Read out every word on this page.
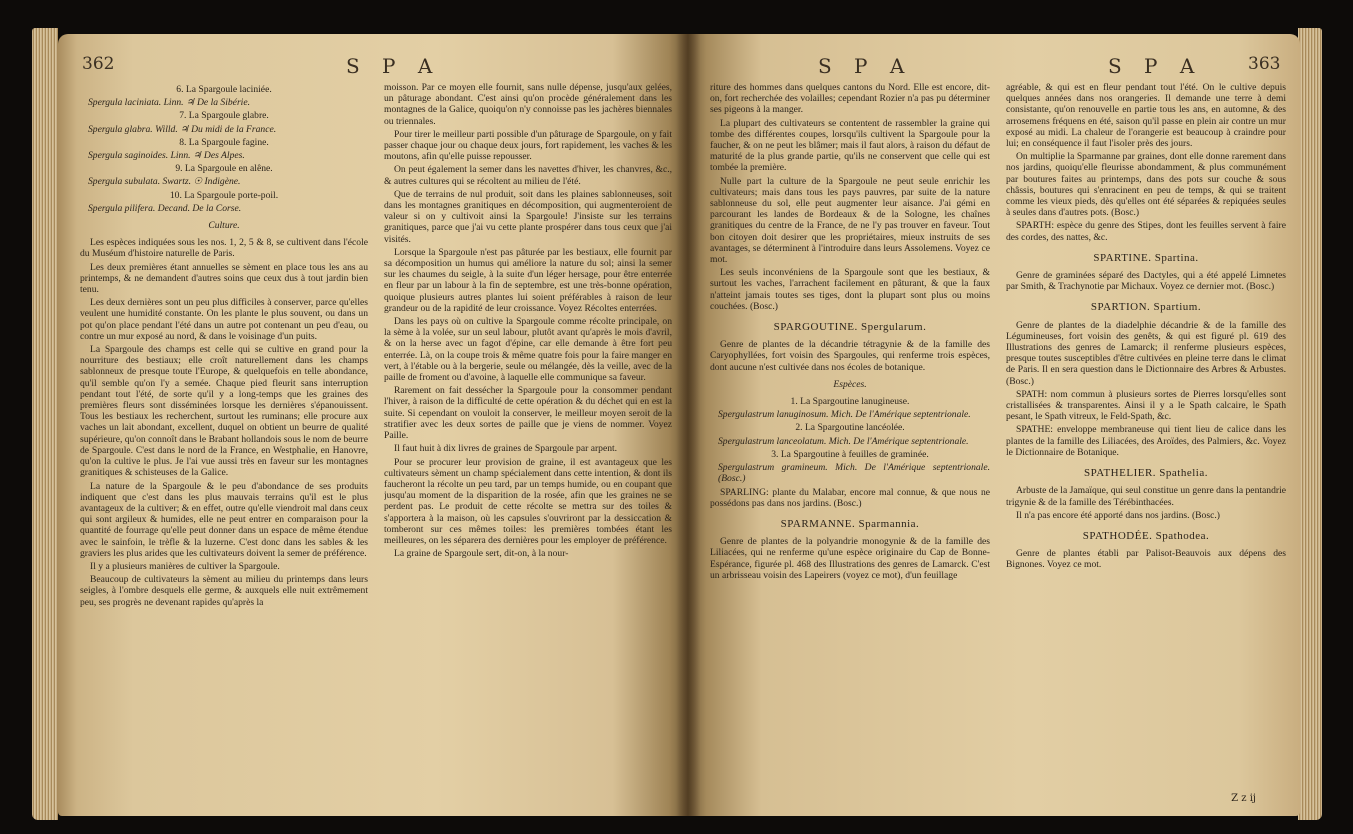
362	S P A

6. La Spargoule laciniée.

Spergula laciniata. Linn. ♃ De la Sibérie.

7. La Spargoule glabre.

Spergula glabra. Willd. ♃ Du midi de la France.

8. La Spargoule fagine.

Spergula saginoides. Linn. ♃ Des Alpes.

9. La Spargoule en alêne.

Spergula subulata. Swartz. ☉ Indigène.

10. La Spargoule porte-poil.

Spergula pilifera. Decand. De la Corse.

Culture.

Les espèces indiquées sous les nos. 1, 2, 5 & 8, se cultivent dans l'école du Muséum d'histoire naturelle de Paris.

Les deux premières étant annuelles se sèment en place tous les ans au printemps, & ne demandent d'autres soins que ceux dus à tout jardin bien tenu.

Les deux dernières sont un peu plus difficiles à conserver, parce qu'elles veulent une humidité constante. On les plante le plus souvent, ou dans un pot qu'on place pendant l'été dans un autre pot contenant un peu d'eau, ou contre un mur exposé au nord, & dans le voisinage d'un puits.

La Spargoule des champs est celle qui se cultive en grand pour la nourriture des bestiaux; elle croît naturellement dans les champs sablonneux de presque toute l'Europe, & quelquefois en telle abondance, qu'il semble qu'on l'y a semée. Chaque pied fleurit sans interruption pendant tout l'été, de sorte qu'il y a long-temps que les graines des premières fleurs sont disséminées lorsque les dernières s'épanouissent. Tous les bestiaux les recherchent, surtout les ruminans; elle procure aux vaches un lait abondant, excellent, duquel on obtient un beurre de qualité supérieure, qu'on connoît dans le Brabant hollandois sous le nom de beurre de Spargoule. C'est dans le nord de la France, en Westphalie, en Hanovre, qu'on la cultive le plus. Je l'ai vue aussi très en faveur sur les montagnes granitiques & schisteuses de la Galice.

La nature de la Spargoule & le peu d'abondance de ses produits indiquent que c'est dans les plus mauvais terrains qu'il est le plus avantageux de la cultiver; & en effet, outre qu'elle viendroit mal dans ceux qui sont argileux & humides, elle ne peut entrer en comparaison pour la quantité de fourrage qu'elle peut donner dans un espace de même étendue avec le sainfoin, le trèfle & la luzerne. C'est donc dans les sables & les graviers les plus arides que les cultivateurs doivent la semer de préférence.

Il y a plusieurs manières de cultiver la Spargoule.

Beaucoup de cultivateurs la sèment au milieu du printemps dans leurs seigles, à l'ombre desquels elle germe, & auxquels elle nuit extrêmement peu, ses progrès ne devenant rapides qu'après la

moisson. Par ce moyen elle fournit, sans nulle dépense, jusqu'aux gelées, un pâturage abondant. C'est ainsi qu'on procède généralement dans les montagnes de la Galice, quoiqu'on n'y connoisse pas les jachères biennales ou triennales.

Pour tirer le meilleur parti possible d'un pâturage de Spargoule, on y fait passer chaque jour ou chaque deux jours, fort rapidement, les vaches & les moutons, afin qu'elle puisse repousser.

On peut également la semer dans les navettes d'hiver, les chanvres, &c., & autres cultures qui se récoltent au milieu de l'été.

Que de terrains de nul produit, soit dans les plaines sablonneuses, soit dans les montagnes granitiques en décomposition, qui augmenteroient de valeur si on y cultivoit ainsi la Spargoule! J'insiste sur les terrains granitiques, parce que j'ai vu cette plante prospérer dans tous ceux que j'ai visités.

Lorsque la Spargoule n'est pas pâturée par les bestiaux, elle fournit par sa décomposition un humus qui améliore la nature du sol; ainsi la semer sur les chaumes du seigle, à la suite d'un léger hersage, pour être enterrée en fleur par un labour à la fin de septembre, est une très-bonne opération, quoique plusieurs autres plantes lui soient préférables à raison de leur grandeur ou de la rapidité de leur croissance. Voyez Récoltes enterrées.

Dans les pays où on cultive la Spargoule comme récolte principale, on la sème à la volée, sur un seul labour, plutôt avant qu'après le mois d'avril, & on la herse avec un fagot d'épine, car elle demande à être fort peu enterrée. Là, on la coupe trois & même quatre fois pour la faire manger en vert, à l'étable ou à la bergerie, seule ou mélangée, dès la veille, avec de la paille de froment ou d'avoine, à laquelle elle communique sa faveur.

Rarement on fait dessécher la Spargoule pour la consommer pendant l'hiver, à raison de la difficulté de cette opération & du déchet qui en est la suite. Si cependant on vouloit la conserver, le meilleur moyen seroit de la stratifier avec les deux sortes de paille que je viens de nommer. Voyez Paille.

Il faut huit à dix livres de graines de Spargoule par arpent.

Pour se procurer leur provision de graine, il est avantageux que les cultivateurs sèment un champ spécialement dans cette intention, & dont ils faucheront la récolte un peu tard, par un temps humide, ou en coupant que jusqu'au moment de la disparition de la rosée, afin que les graines ne se perdent pas. Le produit de cette récolte se mettra sur des toiles & s'apportera à la maison, où les capsules s'ouvriront par la dessiccation & tomberont sur ces mêmes toiles: les premières tombées étant les meilleures, on les séparera des dernières pour les employer de préférence.

La graine de Spargoule sert, dit-on, à la nour-

S P A	S P A	363

riture des hommes dans quelques cantons du Nord. Elle est encore, dit-on, fort recherchée des volailles; cependant Rozier n'a pas pu déterminer ses pigeons à la manger.

La plupart des cultivateurs se contentent de rassembler la graine qui tombe des différentes coupes, lorsqu'ils cultivent la Spargoule pour la faucher, & on ne peut les blâmer; mais il faut alors, à raison du défaut de maturité de la plus grande partie, qu'ils ne conservent que celle qui est tombée la première.

Nulle part la culture de la Spargoule ne peut seule enrichir les cultivateurs; mais dans tous les pays pauvres, par suite de la nature sablonneuse du sol, elle peut augmenter leur aisance. J'ai gémi en parcourant les landes de Bordeaux & de la Sologne, les chaînes granitiques du centre de la France, de ne l'y pas trouver en faveur. Tout bon citoyen doit desirer que les propriétaires, mieux instruits de ses avantages, se déterminent à l'introduire dans leurs Assolemens. Voyez ce mot.

Les seuls inconvéniens de la Spargoule sont que les bestiaux, & surtout les vaches, l'arrachent facilement en pâturant, & que la faux n'atteint jamais toutes ses tiges, dont la plupart sont plus ou moins couchées. (Bosc.)

SPARGOUTINE. Spergularum.

Genre de plantes de la décandrie tétragynie & de la famille des Caryophyllées, fort voisin des Spargoules, qui renferme trois espèces, dont aucune n'est cultivée dans nos écoles de botanique.

Espèces.

1. La Spargoutine lanugineuse.

Spergulastrum lanuginosum. Mich. De l'Amérique septentrionale.

2. La Spargoutine lancéolée.

Spergulastrum lanceolatum. Mich. De l'Amérique septentrionale.

3. La Spargoutine à feuilles de graminée.

Spergulastrum gramineum. Mich. De l'Amérique septentrionale. (Bosc.)

SPARLING: plante du Malabar, encore mal connue, & que nous ne possédons pas dans nos jardins. (Bosc.)

SPARMANNE. Sparmannia.

Genre de plantes de la polyandrie monogynie & de la famille des Liliacées, qui ne renferme qu'une espèce originaire du Cap de Bonne-Espérance, figurée pl. 468 des Illustrations des genres de Lamarck. C'est un arbrisseau voisin des Lapeirers (voyez ce mot), d'un feuillage

agréable, & qui est en fleur pendant tout l'été. On le cultive depuis quelques années dans nos orangeries. Il demande une terre à demi consistante, qu'on renouvelle en partie tous les ans, en automne, & des arrosemens fréquens en été, saison qu'il passe en plein air contre un mur exposé au midi. La chaleur de l'orangerie est beaucoup à craindre pour lui; en conséquence il faut l'isoler près des jours.

On multiplie la Sparmanne par graines, dont elle donne rarement dans nos jardins, quoiqu'elle fleurisse abondamment, & plus communément par boutures faites au printemps, dans des pots sur couche & sous châssis, boutures qui s'enracinent en peu de temps, & qui se traitent comme les vieux pieds, dès qu'elles ont été séparées & repiquées seules à seules dans d'autres pots. (Bosc.)

SPARTH: espèce du genre des Stipes, dont les feuilles servent à faire des cordes, des nattes, &c.

SPARTINE. Spartina.

Genre de graminées séparé des Dactyles, qui a été appelé Limnetes par Smith, & Trachynotie par Michaux. Voyez ce dernier mot. (Bosc.)

SPARTION. Spartium.

Genre de plantes de la diadelphie décandrie & de la famille des Légumineuses, fort voisin des genêts, & qui est figuré pl. 619 des Illustrations des genres de Lamarck; il renferme plusieurs espèces, presque toutes susceptibles d'être cultivées en pleine terre dans le climat de Paris. Il en sera question dans le Dictionnaire des Arbres & Arbustes. (Bosc.)

SPATH: nom commun à plusieurs sortes de Pierres lorsqu'elles sont cristallisées & transparentes. Ainsi il y a le Spath calcaire, le Spath pesant, le Spath vitreux, le Feld-Spath, &c.

SPATHE: enveloppe membraneuse qui tient lieu de calice dans les plantes de la famille des Liliacées, des Aroïdes, des Palmiers, &c. Voyez le Dictionnaire de Botanique.

SPATHELIER. Spathelia.

Arbuste de la Jamaïque, qui seul constitue un genre dans la pentandrie trigynie & de la famille des Térébinthacées.

Il n'a pas encore été apporté dans nos jardins. (Bosc.)

SPATHODÉE. Spathodea.

Genre de plantes établi par Palisot-Beauvois aux dépens des Bignones. Voyez ce mot.

Z z ij
